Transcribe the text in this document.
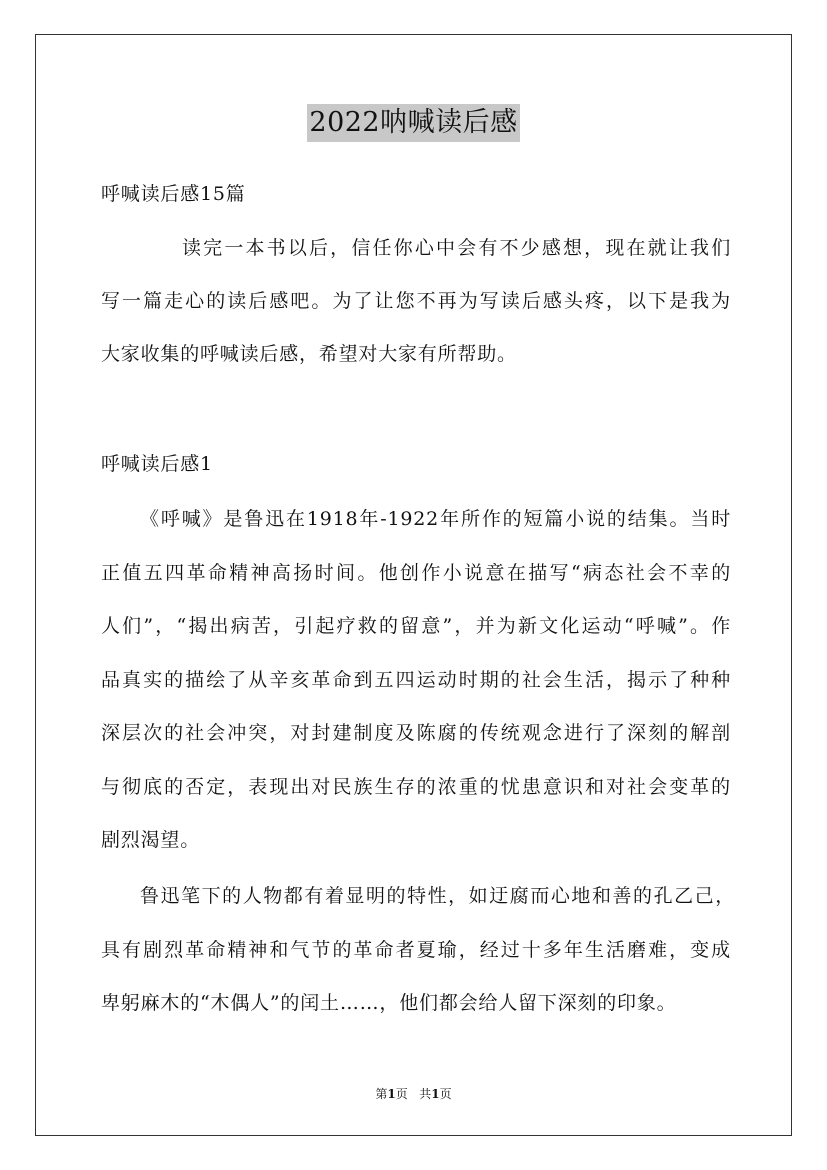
2022呐喊读后感
呼喊读后感15篇
读完一本书以后，信任你心中会有不少感想，现在就让我们
写一篇走心的读后感吧。为了让您不再为写读后感头疼，以下是我为
大家收集的呼喊读后感，希望对大家有所帮助。
呼喊读后感1
《呼喊》是鲁迅在1918年-1922年所作的短篇小说的结集。当时
正值五四革命精神高扬时间。他创作小说意在描写“病态社会不幸的
人们”，“揭出病苦，引起疗救的留意”，并为新文化运动“呼喊”。作
品真实的描绘了从辛亥革命到五四运动时期的社会生活，揭示了种种
深层次的社会冲突，对封建制度及陈腐的传统观念进行了深刻的解剖
与彻底的否定，表现出对民族生存的浓重的忧患意识和对社会变革的
剧烈渴望。
鲁迅笔下的人物都有着显明的特性，如迂腐而心地和善的孔乙己，
具有剧烈革命精神和气节的革命者夏瑜，经过十多年生活磨难，变成
卑躬麻木的“木偶人”的闰土……，他们都会给人留下深刻的印象。
第1页 共1页
